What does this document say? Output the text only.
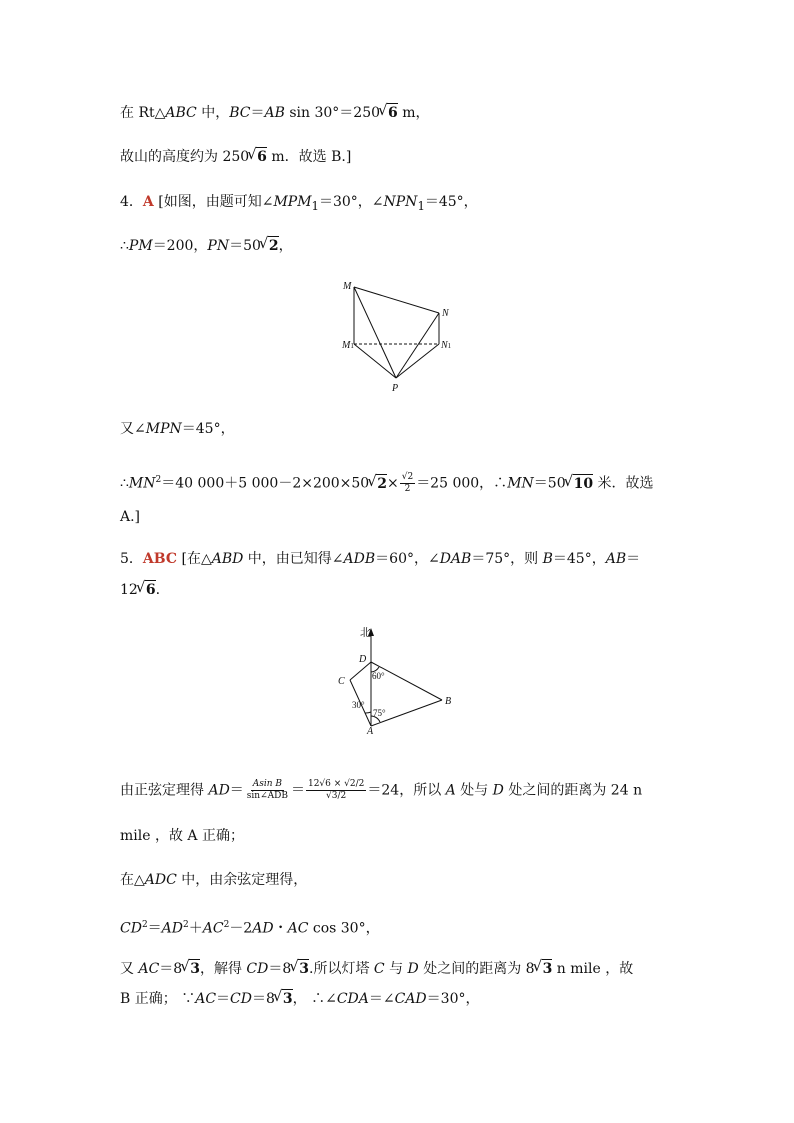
在 Rt△ABC 中，BC＝AB sin 30°＝250 √ 6 m，
故山的高度约为 250 √ 6 m．故选 B.]
4．A [如图，由题可知$\angle MPM_1=30^\circ$，$\angle NPN_1=45^\circ$，
∴PM＝200，PN＝50 √ 2，
M
N
M1	N1
P
又∠MPN＝45°，
$\therefore MN^2=40$ 000＋5 000－2×200×50 √ $2\times \frac{√2}{2} =25$ 000，∴MN＝50 √ 10 米．故选
A.]
5．ABC [在△ABD 中，由已知得∠ADB＝60°，∠DAB＝75°，则 B＝45°，AB＝
12 √ 6.
北
D
C
B
A
60°
30°
75°
由正弦定理得 $AD= \frac{\text{Asin B}}{\text{sin∠ADB}} = \frac{12√6 \times √2/2}{√3/2} =24$，所以 A 处与 D 处之间的距离为 24 n
mile ，故 A 正确；
在△ADC 中，由余弦定理得，
$CD^2=AD^2+AC^2-2AD$・AC cos 30°，
又 AC＝8 √ 3，解得 CD＝8 √ 3.所以灯塔 C 与 D 处之间的距离为 8 √ 3 n mile ，故
B 正确； ∵AC＝CD＝8 √ 3， ∴∠CDA＝∠CAD＝30°，
